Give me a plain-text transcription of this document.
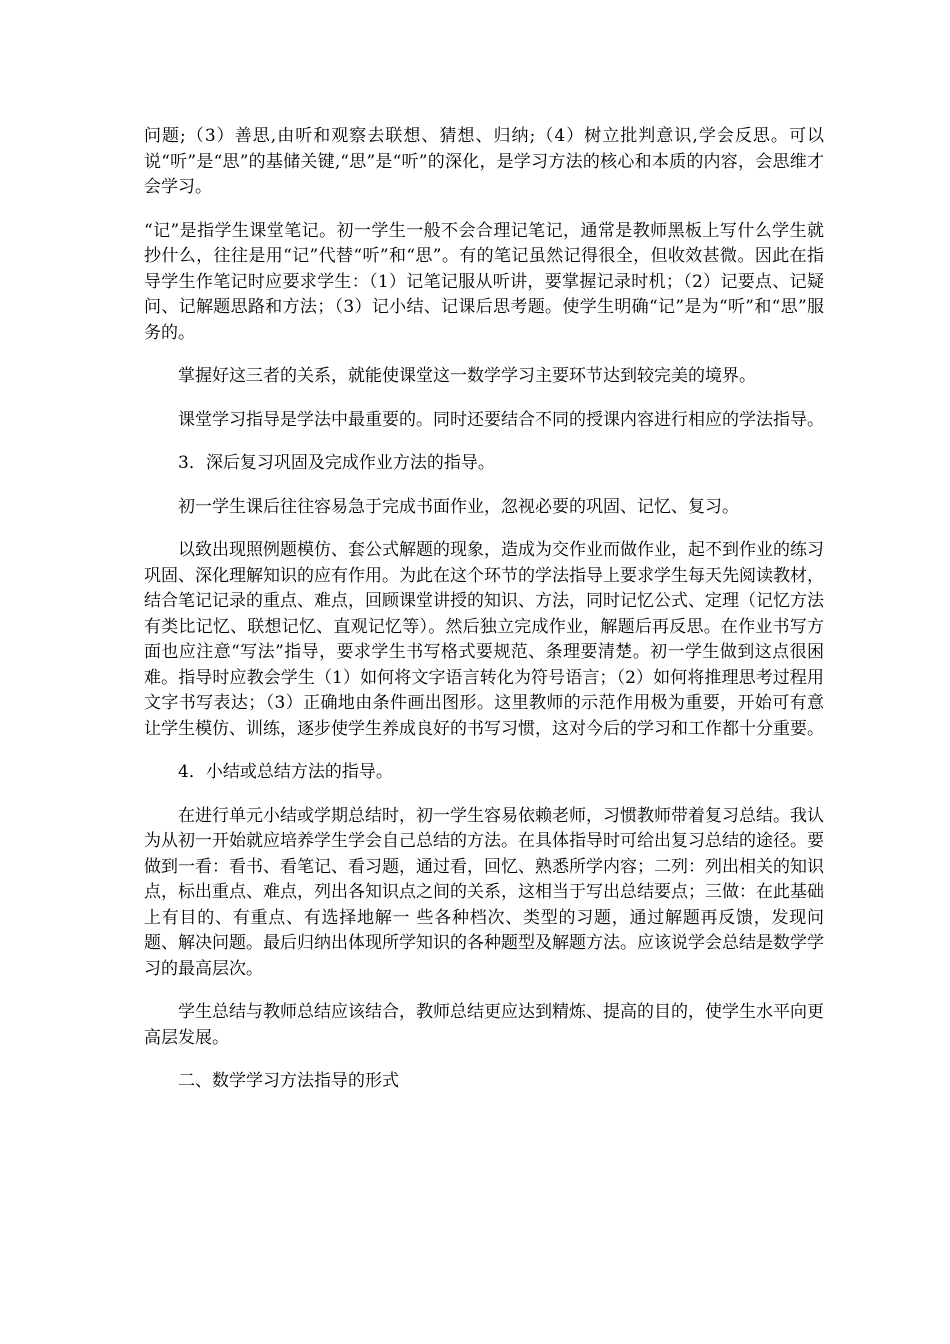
问题;（3）善思,由听和观察去联想、猜想、归纳;（4）树立批判意识,学会反思。可以说“听”是“思”的基储关键,“思”是“听”的深化，是学习方法的核心和本质的内容，会思维才会学习。

“记”是指学生课堂笔记。初一学生一般不会合理记笔记，通常是教师黑板上写什么学生就抄什么，往往是用“记”代替“听”和“思”。有的笔记虽然记得很全，但收效甚微。因此在指导学生作笔记时应要求学生：（1）记笔记服从听讲，要掌握记录时机；（2）记要点、记疑问、记解题思路和方法；（3）记小结、记课后思考题。使学生明确“记”是为“听”和“思”服务的。

掌握好这三者的关系，就能使课堂这一数学学习主要环节达到较完美的境界。

课堂学习指导是学法中最重要的。同时还要结合不同的授课内容进行相应的学法指导。

3．深后复习巩固及完成作业方法的指导。

初一学生课后往往容易急于完成书面作业，忽视必要的巩固、记忆、复习。

以致出现照例题模仿、套公式解题的现象，造成为交作业而做作业，起不到作业的练习巩固、深化理解知识的应有作用。为此在这个环节的学法指导上要求学生每天先阅读教材，结合笔记记录的重点、难点，回顾课堂讲授的知识、方法，同时记忆公式、定理（记忆方法有类比记忆、联想记忆、直观记忆等）。然后独立完成作业，解题后再反思。在作业书写方面也应注意“写法”指导，要求学生书写格式要规范、条理要清楚。初一学生做到这点很困难。指导时应教会学生（1）如何将文字语言转化为符号语言；（2）如何将推理思考过程用文字书写表达；（3）正确地由条件画出图形。这里教师的示范作用极为重要，开始可有意让学生模仿、训练，逐步使学生养成良好的书写习惯，这对今后的学习和工作都十分重要。

4．小结或总结方法的指导。

在进行单元小结或学期总结时，初一学生容易依赖老师，习惯教师带着复习总结。我认为从初一开始就应培养学生学会自己总结的方法。在具体指导时可给出复习总结的途径。要做到一看：看书、看笔记、看习题，通过看，回忆、熟悉所学内容；二列：列出相关的知识点，标出重点、难点，列出各知识点之间的关系，这相当于写出总结要点；三做：在此基础上有目的、有重点、有选择地解一 些各种档次、类型的习题，通过解题再反馈，发现问题、解决问题。最后归纳出体现所学知识的各种题型及解题方法。应该说学会总结是数学学习的最高层次。

学生总结与教师总结应该结合，教师总结更应达到精炼、提高的目的，使学生水平向更高层发展。

二、数学学习方法指导的形式
